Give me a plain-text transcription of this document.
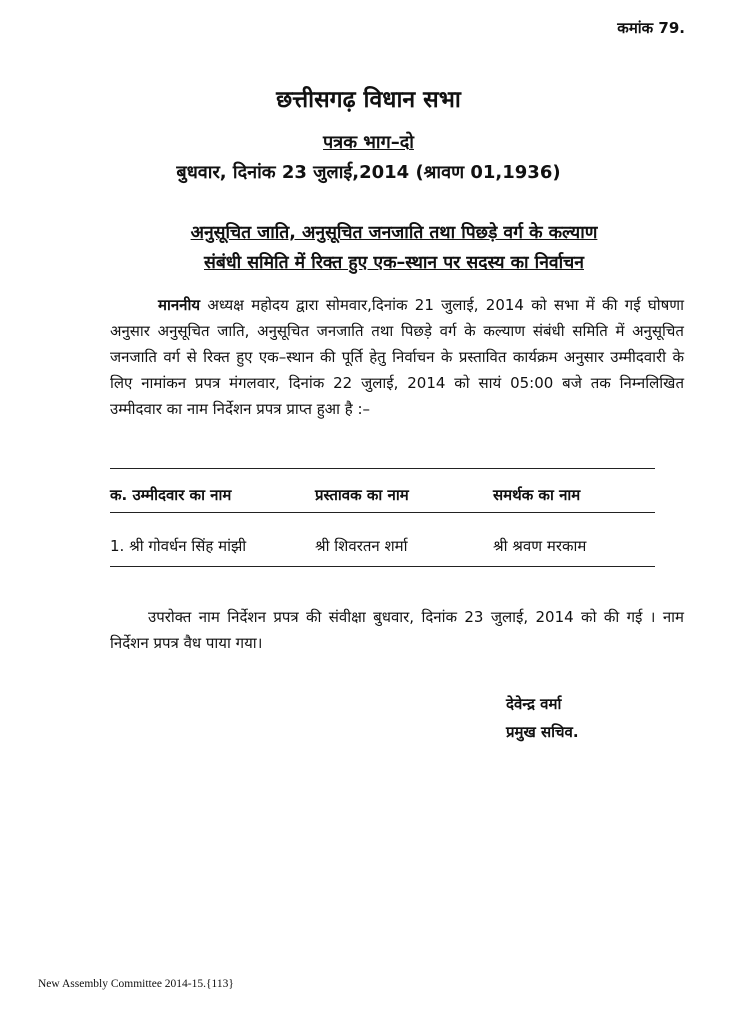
कमांक 79.
छत्तीसगढ़ विधान सभा
पत्रक भाग–दो
बुधवार, दिनांक 23 जुलाई,2014 (श्रावण 01,1936)
अनुसूचित जाति, अनुसूचित जनजाति तथा पिछड़े वर्ग के कल्याण
संबंधी समिति में रिक्त हुए एक–स्थान पर सदस्य का निर्वाचन
माननीय अध्यक्ष महोदय द्वारा सोमवार,दिनांक 21 जुलाई, 2014 को सभा में की गई घोषणा अनुसार अनुसूचित जाति, अनुसूचित जनजाति तथा पिछड़े वर्ग के कल्याण संबंधी समिति में अनुसूचित जनजाति वर्ग से रिक्त हुए एक–स्थान की पूर्ति हेतु निर्वाचन के प्रस्तावित कार्यक्रम अनुसार उम्मीदवारी के लिए नामांकन प्रपत्र मंगलवार, दिनांक 22 जुलाई, 2014 को सायं 05:00 बजे तक निम्नलिखित उम्मीदवार का नाम निर्देशन प्रपत्र प्राप्त हुआ है :–
क. उम्मीदवार का नाम	प्रस्तावक का नाम	समर्थक का नाम
1. श्री गोवर्धन सिंह मांझी	श्री शिवरतन शर्मा	श्री श्रवण मरकाम
उपरोक्त नाम निर्देशन प्रपत्र की संवीक्षा बुधवार, दिनांक 23 जुलाई, 2014 को की गई । नाम निर्देशन प्रपत्र वैध पाया गया।
देवेन्द्र वर्मा
प्रमुख सचिव.
New Assembly Committee 2014-15.{113}
